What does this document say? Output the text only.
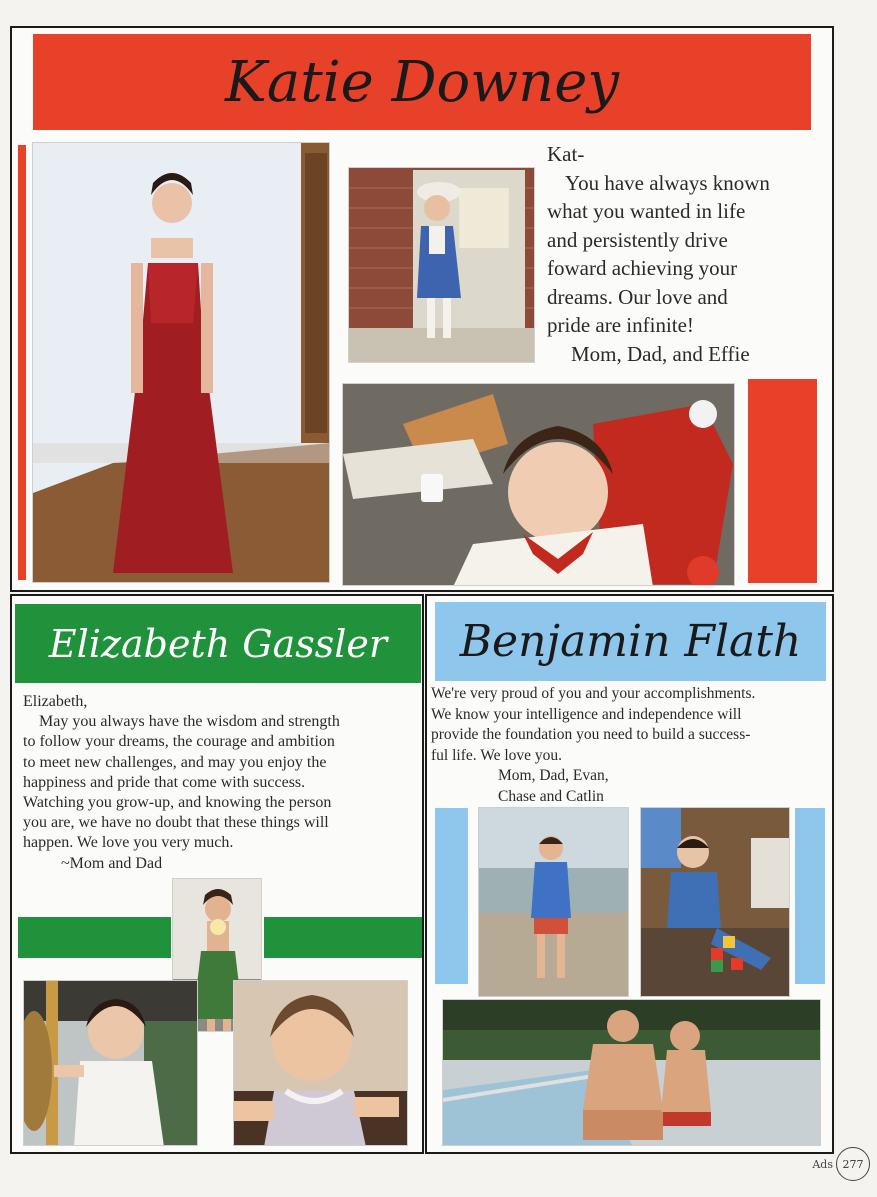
Katie Downey

Kat-

You have always known

what you wanted in life

and persistently drive

foward achieving your

dreams. Our love and

pride are infinite!

Mom, Dad, and Effie

Elizabeth Gassler

Elizabeth,

May you always have the wisdom and strength

to follow your dreams, the courage and ambition

to meet new challenges, and may you enjoy the

happiness and pride that come with success.

Watching you grow-up, and knowing the person

you are, we have no doubt that these things will

happen. We love you very much.

~Mom and Dad

Benjamin Flath

We're very proud of you and your accomplishments.

We know your intelligence and independence will

provide the foundation you need to build a success-

ful life. We love you.

Mom, Dad, Evan,

Chase and Catlin

Ads 277
